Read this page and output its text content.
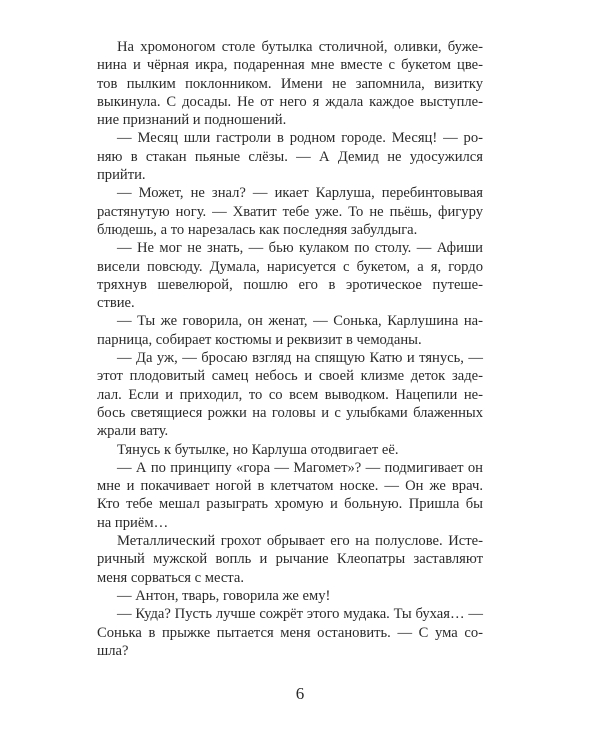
На хромоногом столе бутылка столичной, оливки, буже-
нина и чёрная икра, подаренная мне вместе с букетом цве-
тов пылким поклонником. Имени не запомнила, визитку
выкинула. С досады. Не от него я ждала каждое выступле-
ние признаний и подношений.
— Месяц шли гастроли в родном городе. Месяц! — ро-
няю в стакан пьяные слёзы. — А Демид не удосужился
прийти.
— Может, не знал? — икает Карлуша, перебинтовывая
растянутую ногу. — Хватит тебе уже. То не пьёшь, фигуру
блюдешь, а то нарезалась как последняя забулдыга.
— Не мог не знать, — бью кулаком по столу. — Афиши
висели повсюду. Думала, нарисуется с букетом, а я, гордо
тряхнув шевелюрой, пошлю его в эротическое путеше-
ствие.
— Ты же говорила, он женат, — Сонька, Карлушина на-
парница, собирает костюмы и реквизит в чемоданы.
— Да уж, — бросаю взгляд на спящую Катю и тянусь, —
этот плодовитый самец небось и своей клизме деток заде-
лал. Если и приходил, то со всем выводком. Нацепили не-
бось светящиеся рожки на головы и с улыбками блаженных
жрали вату.
Тянусь к бутылке, но Карлуша отодвигает её.
— А по принципу «гора — Магомет»? — подмигивает он
мне и покачивает ногой в клетчатом носке. — Он же врач.
Кто тебе мешал разыграть хромую и больную. Пришла бы
на приём…
Металлический грохот обрывает его на полуслове. Исте-
ричный мужской вопль и рычание Клеопатры заставляют
меня сорваться с места.
— Антон, тварь, говорила же ему!
— Куда? Пусть лучше сожрёт этого мудака. Ты бухая… —
Сонька в прыжке пытается меня остановить. — С ума со-
шла?
6
